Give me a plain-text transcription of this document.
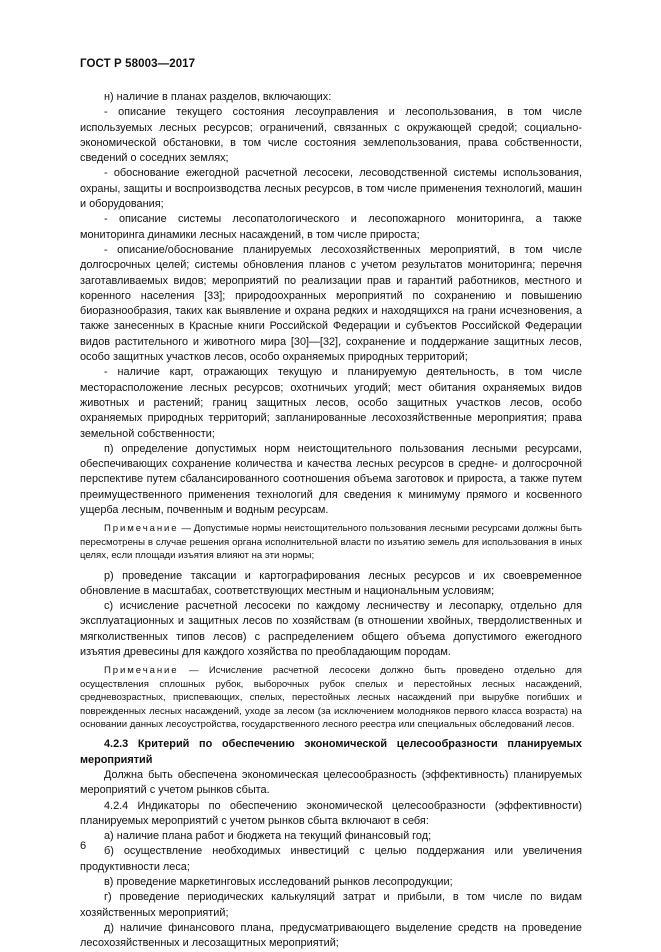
ГОСТ Р 58003—2017

н) наличие в планах разделов, включающих:

- описание текущего состояния лесоуправления и лесопользования, в том числе используемых лесных ресурсов; ограничений, связанных с окружающей средой; социально-экономической обстановки, в том числе состояния землепользования, права собственности, сведений о соседних землях;

- обоснование ежегодной расчетной лесосеки, лесоводственной системы использования, охраны, защиты и воспроизводства лесных ресурсов, в том числе применения технологий, машин и оборудования;

- описание системы лесопатологического и лесопожарного мониторинга, а также мониторинга динамики лесных насаждений, в том числе прироста;

- описание/обоснование планируемых лесохозяйственных мероприятий, в том числе долгосрочных целей; системы обновления планов с учетом результатов мониторинга; перечня заготавливаемых видов; мероприятий по реализации прав и гарантий работников, местного и коренного населения [33]; природоохранных мероприятий по сохранению и повышению биоразнообразия, таких как выявление и охрана редких и находящихся на грани исчезновения, а также занесенных в Красные книги Российской Федерации и субъектов Российской Федерации видов растительного и животного мира [30]—[32], сохранение и поддержание защитных лесов, особо защитных участков лесов, особо охраняемых природных территорий;

- наличие карт, отражающих текущую и планируемую деятельность, в том числе месторасположение лесных ресурсов; охотничьих угодий; мест обитания охраняемых видов животных и растений; границ защитных лесов, особо защитных участков лесов, особо охраняемых природных территорий; запланированные лесохозяйственные мероприятия; права земельной собственности;

п) определение допустимых норм неистощительного пользования лесными ресурсами, обеспечивающих сохранение количества и качества лесных ресурсов в средне- и долгосрочной перспективе путем сбалансированного соотношения объема заготовок и прироста, а также путем преимущественного применения технологий для сведения к минимуму прямого и косвенного ущерба лесным, почвенным и водным ресурсам.

Примечание — Допустимые нормы неистощительного пользования лесными ресурсами должны быть пересмотрены в случае решения органа исполнительной власти по изъятию земель для использования в иных целях, если площади изъятия влияют на эти нормы;

р) проведение таксации и картографирования лесных ресурсов и их своевременное обновление в масштабах, соответствующих местным и национальным условиям;

с) исчисление расчетной лесосеки по каждому лесничеству и лесопарку, отдельно для эксплуатационных и защитных лесов по хозяйствам (в отношении хвойных, твердолиственных и мягколиственных типов лесов) с распределением общего объема допустимого ежегодного изъятия древесины для каждого хозяйства по преобладающим породам.

Примечание — Исчисление расчетной лесосеки должно быть проведено отдельно для осуществления сплошных рубок, выборочных рубок спелых и перестойных лесных насаждений, средневозрастных, приспевающих, спелых, перестойных лесных насаждений при вырубке погибших и поврежденных лесных насаждений, уходе за лесом (за исключением молодняков первого класса возраста) на основании данных лесоустройства, государственного лесного реестра или специальных обследований лесов.

4.2.3 Критерий по обеспечению экономической целесообразности планируемых мероприятий

Должна быть обеспечена экономическая целесообразность (эффективность) планируемых мероприятий с учетом рынков сбыта.

4.2.4 Индикаторы по обеспечению экономической целесообразности (эффективности) планируемых мероприятий с учетом рынков сбыта включают в себя:

а) наличие плана работ и бюджета на текущий финансовый год;

б) осуществление необходимых инвестиций с целью поддержания или увеличения продуктивности леса;

в) проведение маркетинговых исследований рынков лесопродукции;

г) проведение периодических калькуляций затрат и прибыли, в том числе по видам хозяйственных мероприятий;

д) наличие финансового плана, предусматривающего выделение средств на проведение лесохозяйственных и лесозащитных мероприятий;

6
